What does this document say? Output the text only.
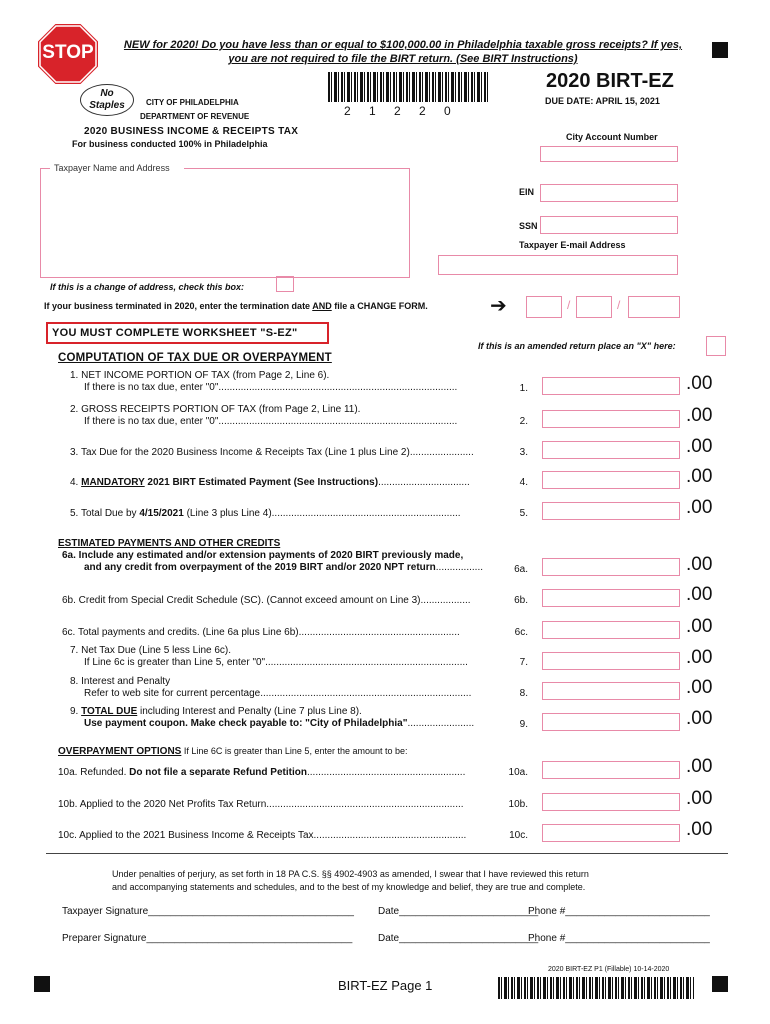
STOP	NEW for 2020! Do you have less than or equal to $100,000.00 in Philadelphia taxable gross receipts? If yes,
you are not required to file the BIRT return. (See BIRT Instructions)
No
Staples	CITY OF PHILADELPHIA
DEPARTMENT OF REVENUE	2    1    2    2    0
2020 BIRT-EZ
DUE DATE: APRIL 15, 2021
2020 BUSINESS INCOME & RECEIPTS TAX
For business conducted 100% in Philadelphia
City Account Number
Taxpayer Name and Address
EIN
SSN
Taxpayer E-mail Address
If this is a change of address, check this box:
If your business terminated in 2020, enter the termination date AND file a CHANGE FORM.	➔	/	/
YOU MUST COMPLETE WORKSHEET "S-EZ"
If this is an amended return place an "X" here:
COMPUTATION OF TAX DUE OR OVERPAYMENT
1. NET INCOME PORTION OF TAX (from Page 2, Line 6).
If there is no tax due, enter "0"......................................................................................	1.	.00
2. GROSS RECEIPTS PORTION OF TAX (from Page 2, Line 11).
If there is no tax due, enter "0"......................................................................................	2.	.00
3. Tax Due for the 2020 Business Income & Receipts Tax (Line 1 plus Line 2).......................	3.	.00
4. MANDATORY 2021 BIRT Estimated Payment (See Instructions).................................	4.	.00
5. Total Due by 4/15/2021 (Line 3 plus Line 4)....................................................................	5.	.00
ESTIMATED PAYMENTS AND OTHER CREDITS
6a. Include any estimated and/or extension payments of 2020 BIRT previously made,
and any credit from overpayment of the 2019 BIRT and/or 2020 NPT return.................	6a.	.00
6b. Credit from Special Credit Schedule (SC). (Cannot exceed amount on Line 3)..................	6b.	.00
6c. Total payments and credits. (Line 6a plus Line 6b)..........................................................	6c.	.00
7. Net Tax Due (Line 5 less Line 6c).
If Line 6c is greater than Line 5, enter "0".........................................................................	7.	.00
8. Interest and Penalty
Refer to web site for current percentage............................................................................	8.	.00
9. TOTAL DUE including Interest and Penalty (Line 7 plus Line 8).
Use payment coupon. Make check payable to: "City of Philadelphia"........................	9.	.00
OVERPAYMENT OPTIONS If Line 6C is greater than Line 5, enter the amount to be:
10a. Refunded. Do not file a separate Refund Petition.........................................................	10a.	.00
10b. Applied to the 2020 Net Profits Tax Return.......................................................................	10b.	.00
10c. Applied to the 2021 Business Income & Receipts Tax.......................................................	10c.	.00
Under penalties of perjury, as set forth in 18 PA C.S. §§ 4902-4903 as amended, I swear that I have reviewed this return
and accompanying statements and schedules, and to the best of my knowledge and belief, they are true and complete.
Taxpayer Signature_____________________________________ Date_________________________
Phone #__________________________
Preparer Signature_____________________________________	Date_________________________
Phone #__________________________
2020 BIRT-EZ P1 (Fillable) 10-14-2020
BIRT-EZ Page 1
